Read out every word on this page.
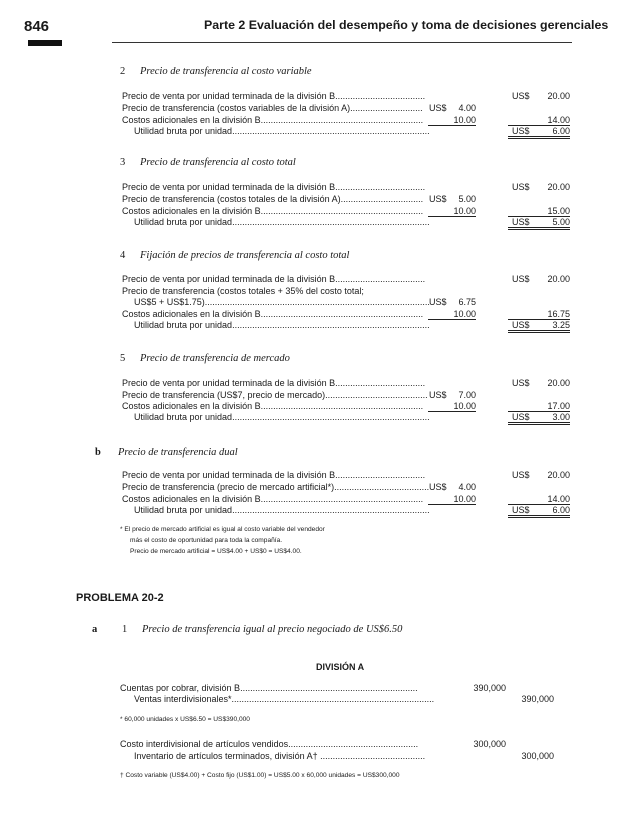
846	Parte 2 Evaluación del desempeño y toma de decisiones gerenciales
2 Precio de transferencia al costo variable
Precio de venta por unidad terminada de la división B....................................	US$	20.00
Precio de transferencia (costos variables de la división A)............................. US$	4.00
Costos adicionales en la división B.................................................................	10.00	14.00
Utilidad bruta por unidad...............................................................................	US$	6.00
3 Precio de transferencia al costo total
Precio de venta por unidad terminada de la división B....................................	US$	20.00
Precio de transferencia (costos totales de la división A)................................. US$	5.00
Costos adicionales en la división B.................................................................	10.00	15.00
Utilidad bruta por unidad...............................................................................	US$	5.00
4 Fijación de precios de transferencia al costo total
Precio de venta por unidad terminada de la división B....................................	US$	20.00
Precio de transferencia (costos totales + 35% del costo total;
US$5 + US$1.75).......................................................................................... US$	6.75
Costos adicionales en la división B.................................................................	10.00	16.75
Utilidad bruta por unidad...............................................................................	US$	3.25
5 Precio de transferencia de mercado
Precio de venta por unidad terminada de la división B....................................	US$	20.00
Precio de transferencia (US$7, precio de mercado)......................................... US$	7.00
Costos adicionales en la división B.................................................................	10.00	17.00
Utilidad bruta por unidad...............................................................................	US$	3.00
b Precio de transferencia dual
Precio de venta por unidad terminada de la división B....................................	US$	20.00
Precio de transferencia (precio de mercado artificial*)...................................... US$	4.00
Costos adicionales en la división B.................................................................	10.00	14.00
Utilidad bruta por unidad...............................................................................	US$	6.00
* El precio de mercado artificial es igual al costo variable del vendedor
más el costo de oportunidad para toda la compañía.
Precio de mercado artificial = US$4.00 + US$0 = US$4.00.
PROBLEMA 20-2
a 1 Precio de transferencia igual al precio negociado de US$6.50
DIVISIÓN A
Cuentas por cobrar, división B.......................................................................	390,000
Ventas interdivisionales*.................................................................................	390,000
* 60,000 unidades x US$6.50 = US$390,000
Costo interdivisional de artículos vendidos....................................................	300,000
Inventario de artículos terminados, división A† ..........................................	300,000
† Costo variable (US$4.00) + Costo fijo (US$1.00) = US$5.00 x 60,000 unidades = US$300,000
